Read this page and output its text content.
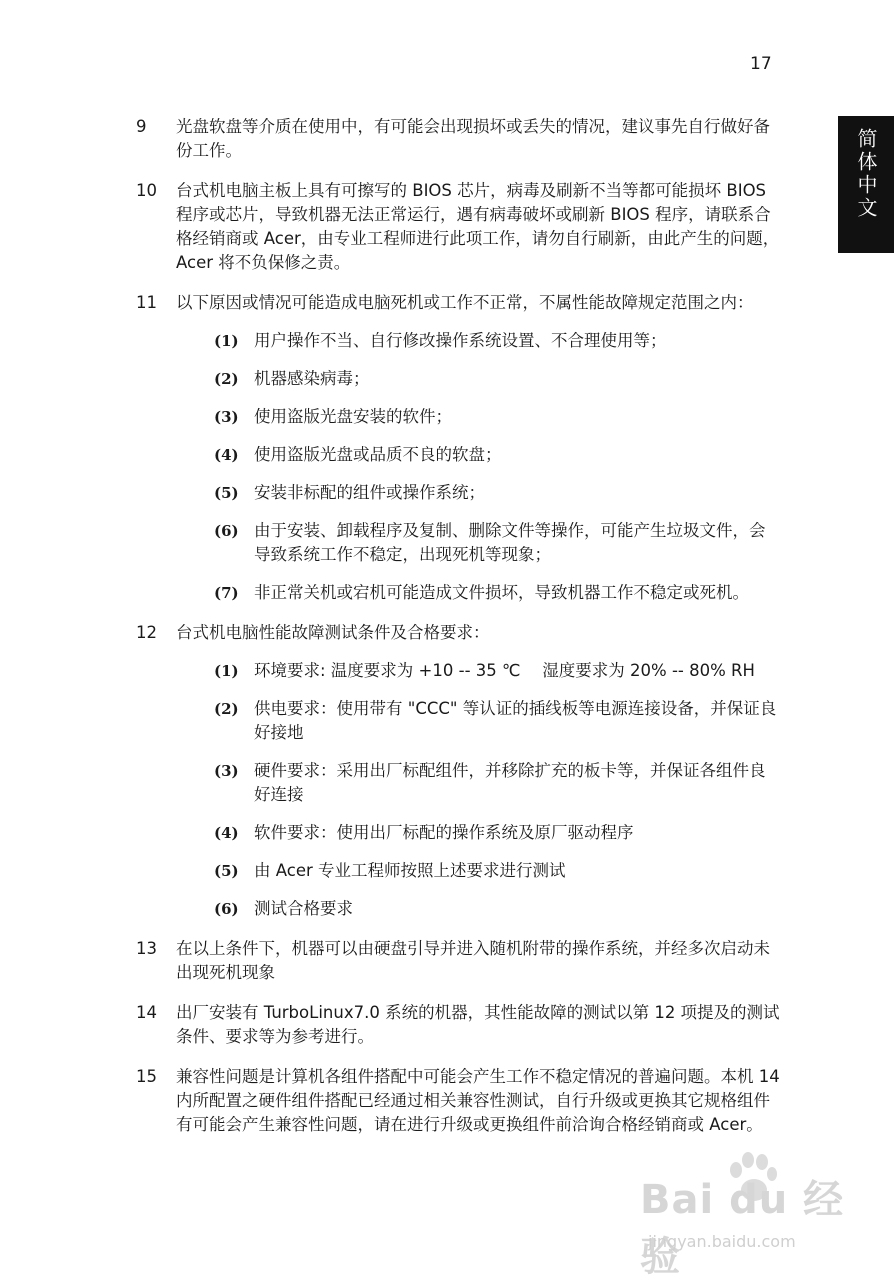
17
简体中文
9	光盘软盘等介质在使用中，有可能会出现损坏或丢失的情况，建议事先自行做好备份工作。
10	台式机电脑主板上具有可擦写的 BIOS 芯片，病毒及刷新不当等都可能损坏 BIOS 程序或芯片，导致机器无法正常运行，遇有病毒破坏或刷新 BIOS 程序，请联系合格经销商或 Acer，由专业工程师进行此项工作，请勿自行刷新，由此产生的问题， Acer 将不负保修之责。
11	以下原因或情况可能造成电脑死机或工作不正常，不属性能故障规定范围之内：
(1) 用户操作不当、自行修改操作系统设置、不合理使用等；
(2) 机器感染病毒；
(3) 使用盗版光盘安装的软件；
(4) 使用盗版光盘或品质不良的软盘；
(5) 安装非标配的组件或操作系统；
(6) 由于安装、卸载程序及复制、删除文件等操作，可能产生垃圾文件，会导致系统工作不稳定，出现死机等现象；
(7) 非正常关机或宕机可能造成文件损坏，导致机器工作不稳定或死机。
12	台式机电脑性能故障测试条件及合格要求：
(1) 环境要求: 温度要求为 +10 -- 35 ℃　 湿度要求为 20% -- 80% RH
(2) 供电要求：使用带有 "CCC" 等认证的插线板等电源连接设备，并保证良好接地
(3) 硬件要求：采用出厂标配组件，并移除扩充的板卡等，并保证各组件良好连接
(4) 软件要求：使用出厂标配的操作系统及原厂驱动程序
(5) 由 Acer 专业工程师按照上述要求进行测试
(6) 测试合格要求
13	在以上条件下，机器可以由硬盘引导并进入随机附带的操作系统，并经多次启动未出现死机现象
14	出厂安装有 TurboLinux7.0 系统的机器，其性能故障的测试以第 12 项提及的测试条件、要求等为参考进行。
15	兼容性问题是计算机各组件搭配中可能会产生工作不稳定情况的普遍问题。本机 14 内所配置之硬件组件搭配已经通过相关兼容性测试，自行升级或更换其它规格组件有可能会产生兼容性问题，请在进行升级或更换组件前洽询合格经销商或 Acer。
Bai du 经验
jingyan.baidu.com
